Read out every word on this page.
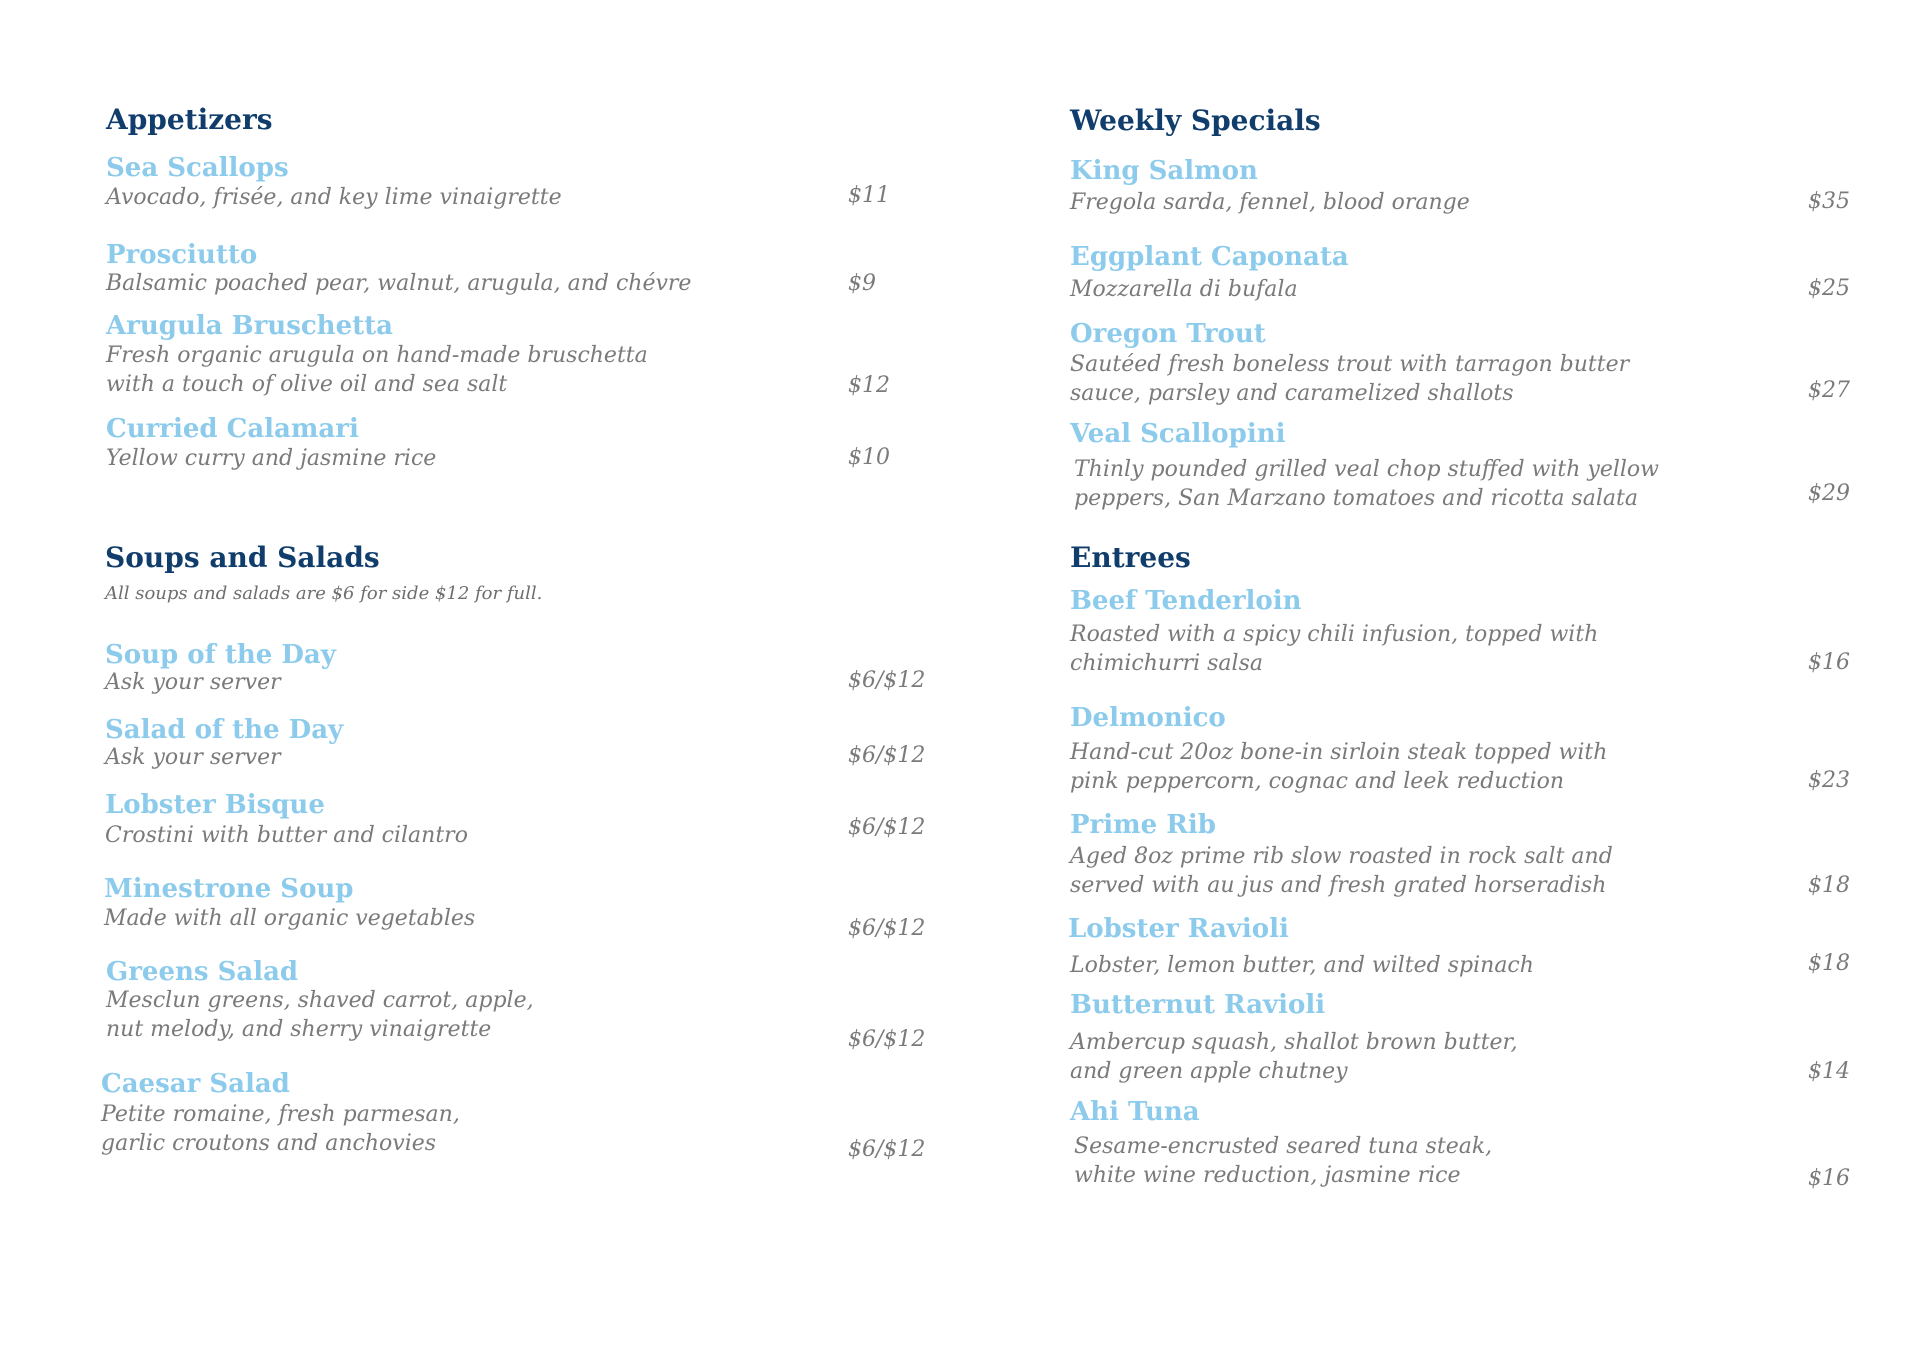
Appetizers
Sea Scallops
Avocado, frisée, and key lime vinaigrette	$11
Prosciutto
Balsamic poached pear, walnut, arugula, and chévre	$9
Arugula Bruschetta
Fresh organic arugula on hand-made bruschetta
with a touch of olive oil and sea salt	$12
Curried Calamari
Yellow curry and jasmine rice	$10
Soups and Salads
All soups and salads are $6 for side $12 for full.
Soup of the Day
Ask your server	$6/$12
Salad of the Day
Ask your server	$6/$12
Lobster Bisque
Crostini with butter and cilantro	$6/$12
Minestrone Soup
Made with all organic vegetables	$6/$12
Greens Salad
Mesclun greens, shaved carrot, apple,
nut melody, and sherry vinaigrette	$6/$12
Caesar Salad
Petite romaine, fresh parmesan,
garlic croutons and anchovies	$6/$12
Weekly Specials
King Salmon
Fregola sarda, fennel, blood orange	$35
Eggplant Caponata
Mozzarella di bufala	$25
Oregon Trout
Sautéed fresh boneless trout with tarragon butter
sauce, parsley and caramelized shallots	$27
Veal Scallopini
Thinly pounded grilled veal chop stuffed with yellow
peppers, San Marzano tomatoes and ricotta salata	$29
Entrees
Beef Tenderloin
Roasted with a spicy chili infusion, topped with
chimichurri salsa	$16
Delmonico
Hand-cut 20oz bone-in sirloin steak topped with
pink peppercorn, cognac and leek reduction	$23
Prime Rib
Aged 8oz prime rib slow roasted in rock salt and
served with au jus and fresh grated horseradish	$18
Lobster Ravioli
Lobster, lemon butter, and wilted spinach	$18
Butternut Ravioli
Ambercup squash, shallot brown butter,
and green apple chutney	$14
Ahi Tuna
Sesame-encrusted seared tuna steak,
white wine reduction, jasmine rice	$16
